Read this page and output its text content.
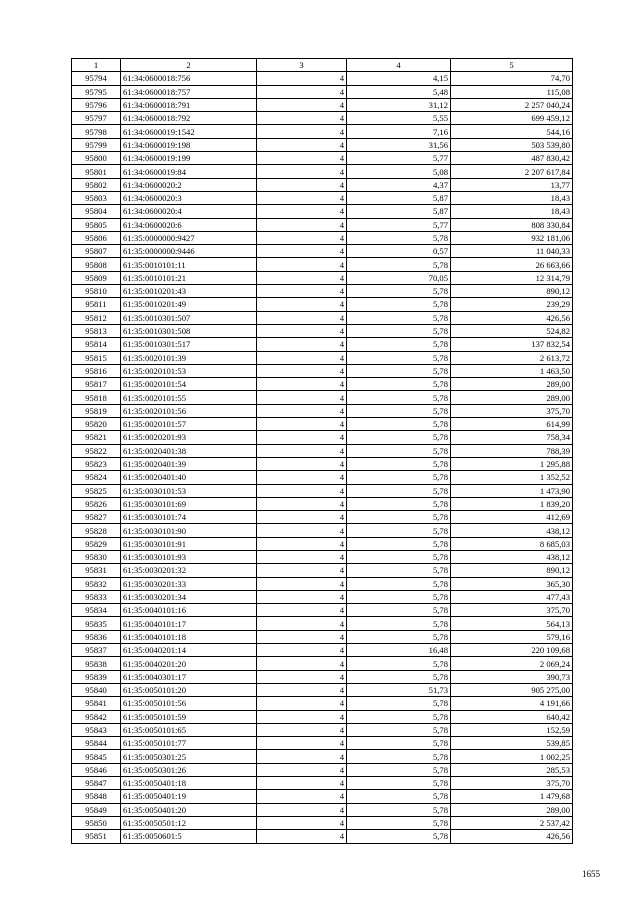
1	2	3	4	5
95794	61:34:0600018:756	4	4,15	74,70
95795	61:34:0600018:757	4	5,48	115,08
95796	61:34:0600018:791	4	31,12	2 257 040,24
95797	61:34:0600018:792	4	5,55	699 459,12
95798	61:34:0600019:1542	4	7,16	544,16
95799	61:34:0600019:198	4	31,56	503 539,80
95800	61:34:0600019:199	4	5,77	487 830,42
95801	61:34:0600019:84	4	5,08	2 207 617,84
95802	61:34:0600020:2	4	4,37	13,77
95803	61:34:0600020:3	4	5,87	18,43
95804	61:34:0600020:4	4	5,87	18,43
95805	61:34:0600020:6	4	5,77	808 330,84
95806	61:35:0000000:9427	4	5,78	932 181,06
95807	61:35:0000000:9446	4	0,57	11 040,33
95808	61:35:0010101:11	4	5,78	26 663,66
95809	61:35:0010101:21	4	70,05	12 314,79
95810	61:35:0010201:43	4	5,78	890,12
95811	61:35:0010201:49	4	5,78	239,29
95812	61:35:0010301:507	4	5,78	426,56
95813	61:35:0010301:508	4	5,78	524,82
95814	61:35:0010301:517	4	5,78	137 832,54
95815	61:35:0020101:39	4	5,78	2 613,72
95816	61:35:0020101:53	4	5,78	1 463,50
95817	61:35:0020101:54	4	5,78	289,00
95818	61:35:0020101:55	4	5,78	289,00
95819	61:35:0020101:56	4	5,78	375,70
95820	61:35:0020101:57	4	5,78	614,99
95821	61:35:0020201:93	4	5,78	758,34
95822	61:35:0020401:38	4	5,78	788,39
95823	61:35:0020401:39	4	5,78	1 295,88
95824	61:35:0020401:40	4	5,78	1 352,52
95825	61:35:0030101:53	4	5,78	1 473,90
95826	61:35:0030101:69	4	5,78	1 839,20
95827	61:35:0030101:74	4	5,78	412,69
95828	61:35:0030101:90	4	5,78	438,12
95829	61:35:0030101:91	4	5,78	8 685,03
95830	61:35:0030101:93	4	5,78	438,12
95831	61:35:0030201:32	4	5,78	890,12
95832	61:35:0030201:33	4	5,78	365,30
95833	61:35:0030201:34	4	5,78	477,43
95834	61:35:0040101:16	4	5,78	375,70
95835	61:35:0040101:17	4	5,78	564,13
95836	61:35:0040101:18	4	5,78	579,16
95837	61:35:0040201:14	4	16,48	220 109,68
95838	61:35:0040201:20	4	5,78	2 069,24
95839	61:35:0040301:17	4	5,78	390,73
95840	61:35:0050101:20	4	51,73	905 275,00
95841	61:35:0050101:56	4	5,78	4 191,66
95842	61:35:0050101:59	4	5,78	640,42
95843	61:35:0050101:65	4	5,78	152,59
95844	61:35:0050101:77	4	5,78	539,85
95845	61:35:0050301:25	4	5,78	1 002,25
95846	61:35:0050301:26	4	5,78	285,53
95847	61:35:0050401:18	4	5,78	375,70
95848	61:35:0050401:19	4	5,78	1 479,68
95849	61:35:0050401:20	4	5,78	289,00
95850	61:35:0050501:12	4	5,78	2 537,42
95851	61:35:0050601:5	4	5,78	426,56
1655
